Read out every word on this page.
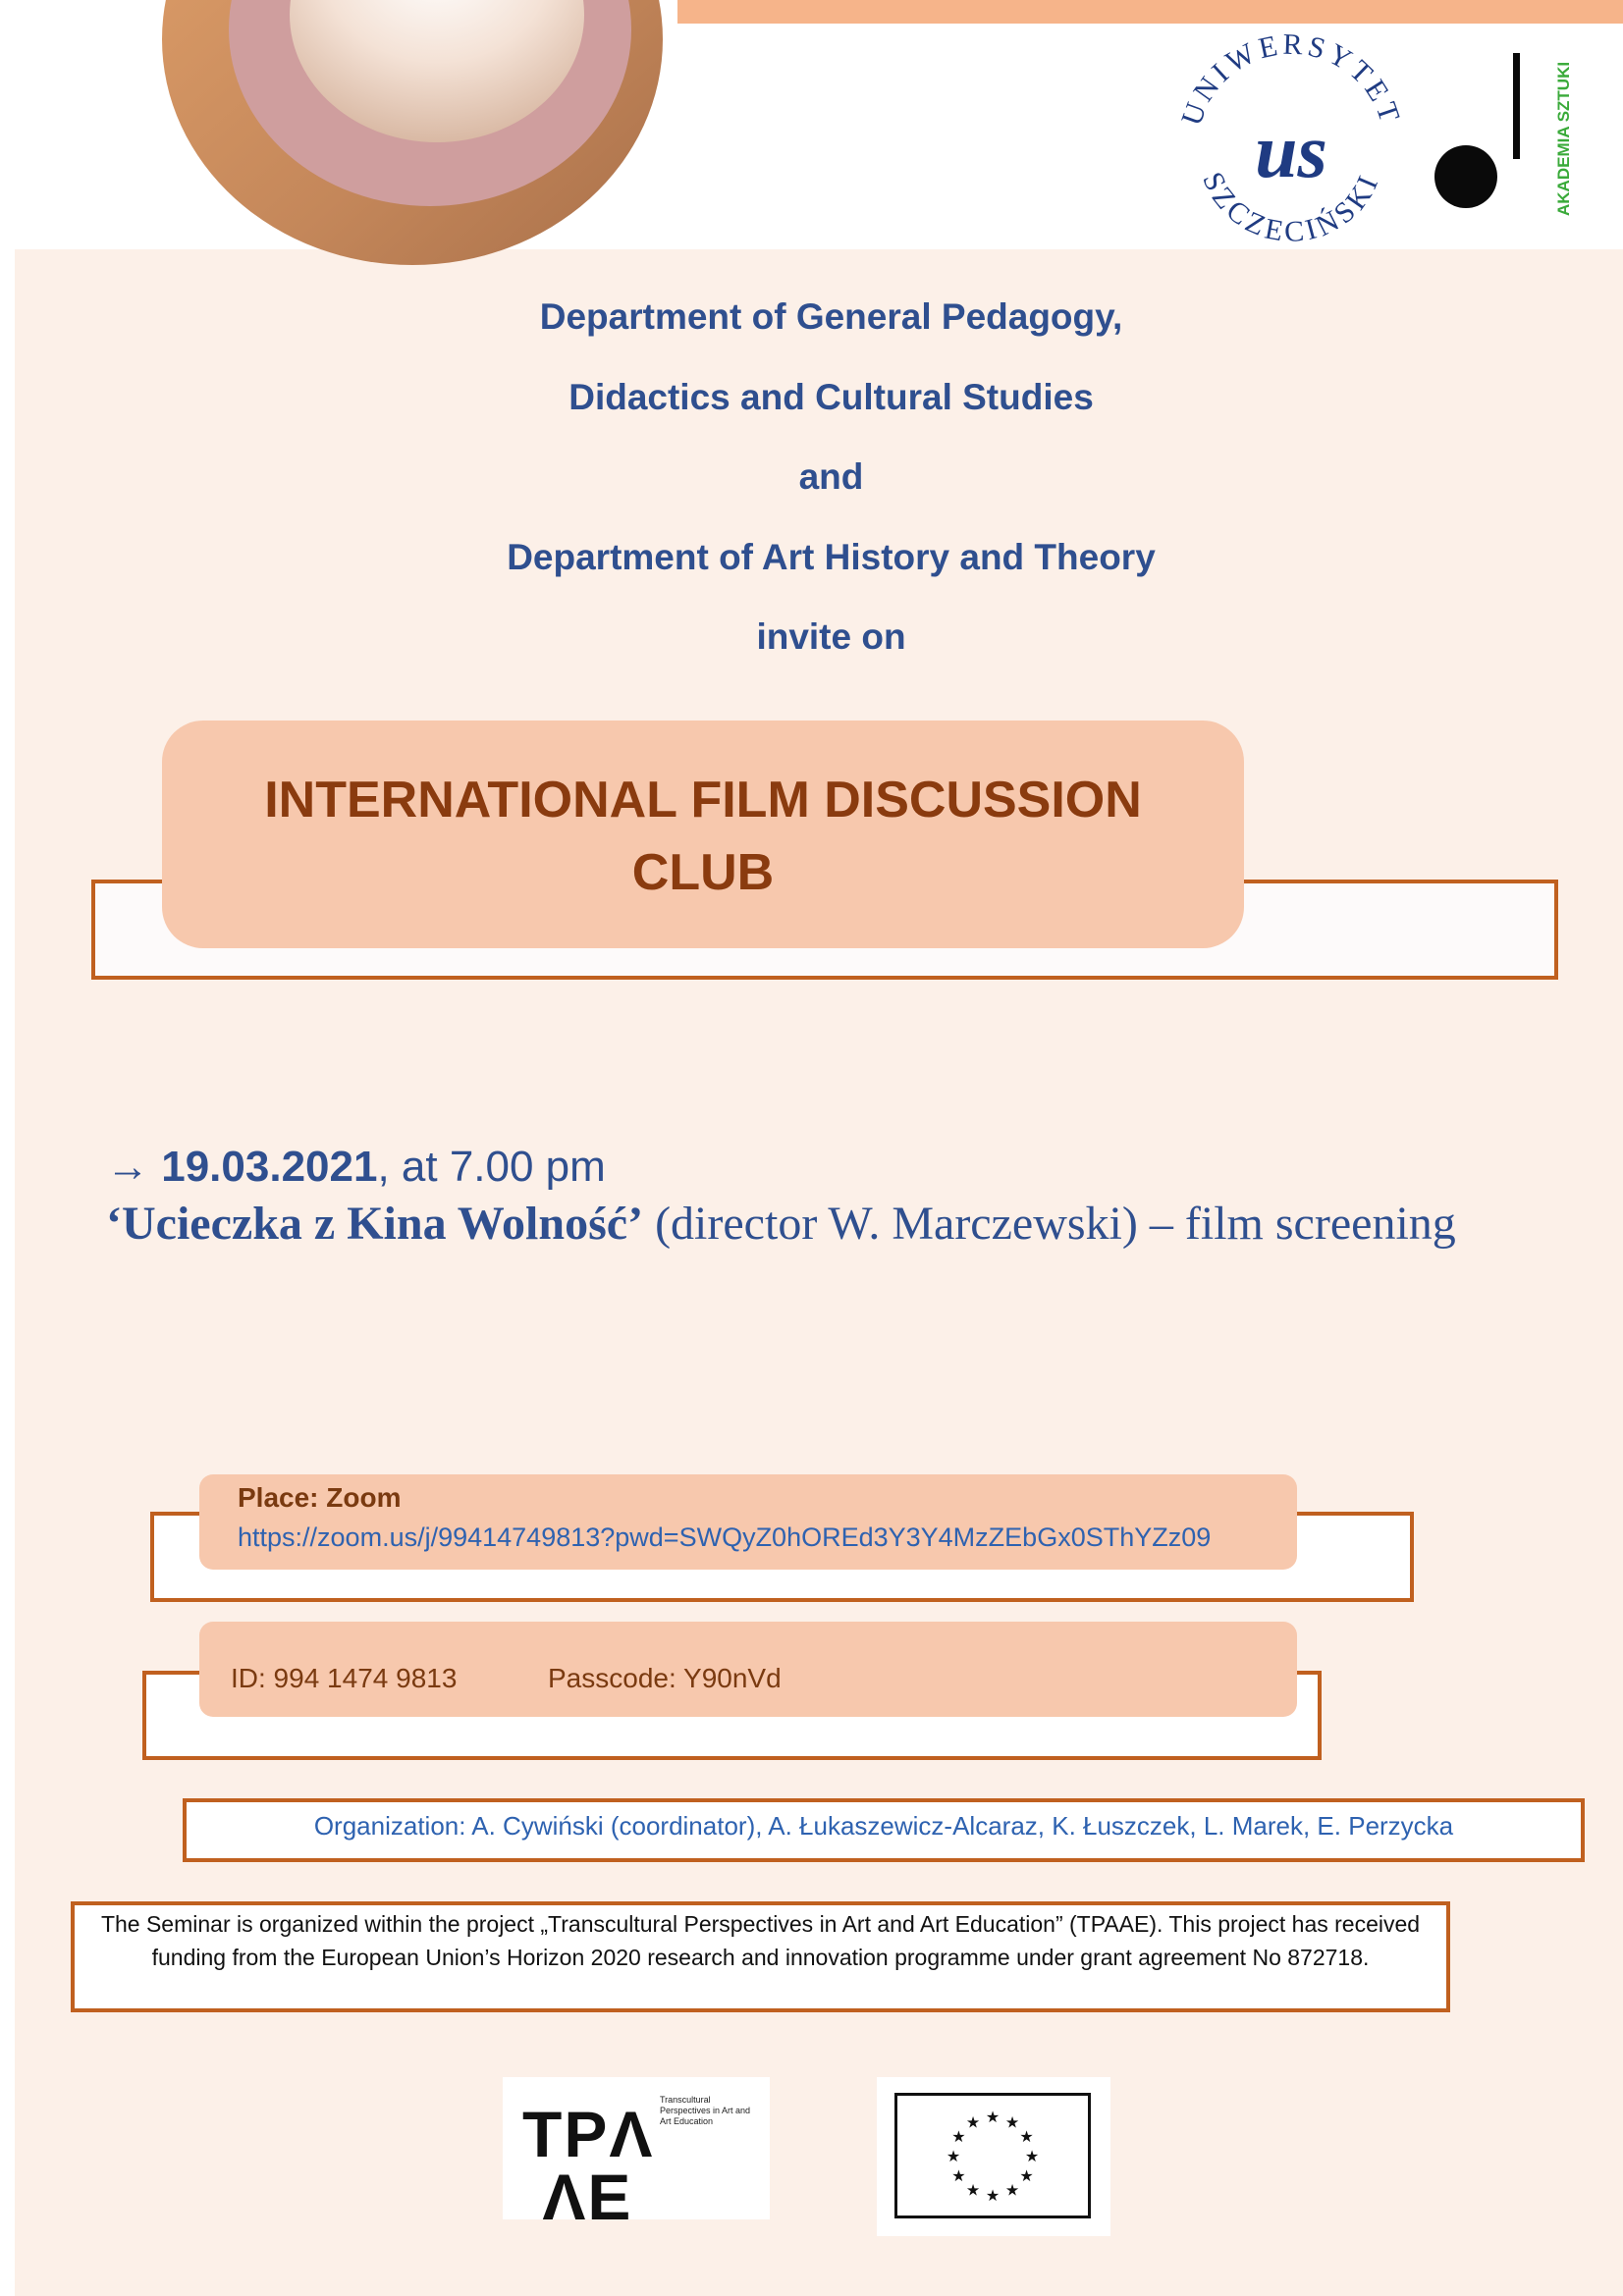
UNIWERSYTET
SZCZECIŃSKI
us	AKADEMIA SZTUKI
Department of General Pedagogy,
Didactics and Cultural Studies
and
Department of Art History and Theory
invite on
INTERNATIONAL FILM DISCUSSION
CLUB
→ 19.03.2021, at 7.00 pm
‘Ucieczka z Kina Wolność’ (director W. Marczewski) – film screening
Place: Zoom
https://zoom.us/j/99414749813?pwd=SWQyZ0hOREd3Y3Y4MzZEbGx0SThYZz09
ID: 994 1474 9813	Passcode: Y90nVd
Organization: A. Cywiński (coordinator), A. Łukaszewicz-Alcaraz, K. Łuszczek, L. Marek, E. Perzycka
The Seminar is organized within the project „Transcultural Perspectives in Art and Art Education” (TPAAE). This project has received funding from the European Union’s Horizon 2020 research and innovation programme under grant agreement No 872718.
TPΛ
ΛE
Transcultural Perspectives in Art and Art Education	★ ★
★
★
★
★
★
★
★
★
★
★
